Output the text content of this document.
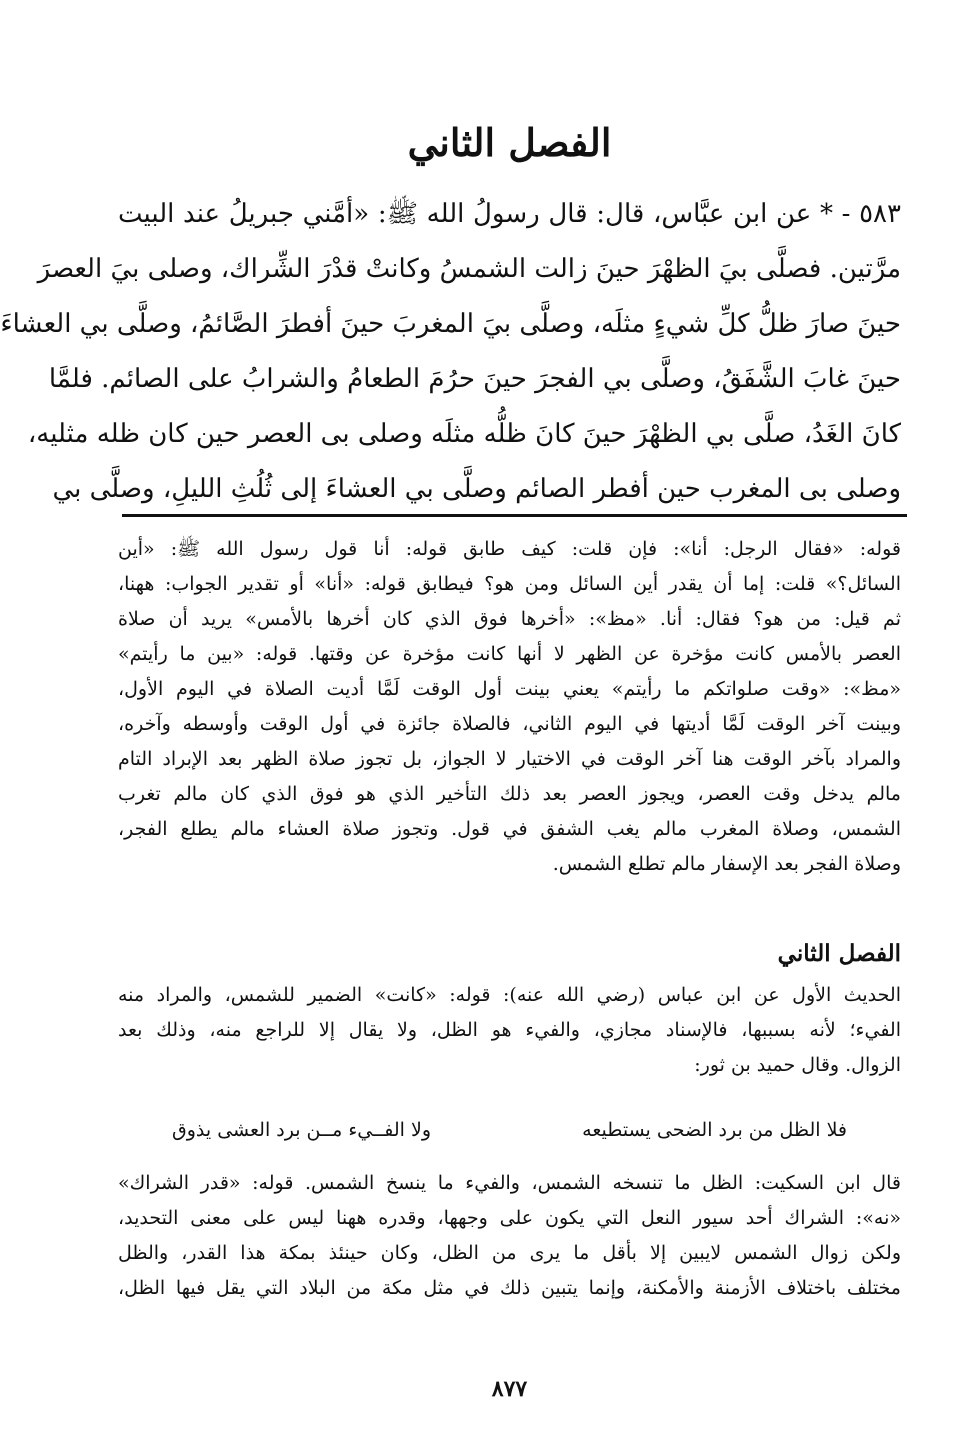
الفصل الثاني
٥٨٣ - * عن ابن عبَّاس، قال: قال رسولُ الله ﷺ: «أمَّني جبريلُ عند البيت
مرَّتين. فصلَّى بيَ الظهْرَ حينَ زالت الشمسُ وكانتْ قدْرَ الشِّراك، وصلى بيَ العصرَ
حينَ صارَ ظلُّ كلِّ شيءٍ مثلَه، وصلَّى بيَ المغربَ حينَ أفطرَ الصَّائمُ، وصلَّى بي العشاءَ
حينَ غابَ الشَّفَقُ، وصلَّى بي الفجرَ حينَ حرُمَ الطعامُ والشرابُ على الصائم. فلمَّا
كانَ الغَدُ، صلَّى بي الظهْرَ حينَ كانَ ظلُّه مثلَه وصلى بى العصر حين كان ظله مثليه،
وصلى بى المغرب حين أفطر الصائم وصلَّى بي العشاءَ إلى ثُلُثِ الليلِ، وصلَّى بي
قوله: «فقال الرجل: أنا»: فإن قلت: كيف طابق قوله: أنا قول رسول الله ﷺ: «أين
السائل؟» قلت: إما أن يقدر أين السائل ومن هو؟ فيطابق قوله: «أنا» أو تقدير الجواب: ههنا،
ثم قيل: من هو؟ فقال: أنا. «مظ»: «أخرها فوق الذي كان أخرها بالأمس» يريد أن صلاة
العصر بالأمس كانت مؤخرة عن الظهر لا أنها كانت مؤخرة عن وقتها. قوله: «بين ما رأيتم»
«مظ»: «وقت صلواتكم ما رأيتم» يعني بينت أول الوقت لَمَّا أديت الصلاة في اليوم الأول،
وبينت آخر الوقت لَمَّا أديتها في اليوم الثاني، فالصلاة جائزة في أول الوقت وأوسطه وآخره،
والمراد بآخر الوقت هنا آخر الوقت في الاختيار لا الجواز، بل تجوز صلاة الظهر بعد الإبراد التام
مالم يدخل وقت العصر، ويجوز العصر بعد ذلك التأخير الذي هو فوق الذي كان مالم تغرب
الشمس، وصلاة المغرب مالم يغب الشفق في قول. وتجوز صلاة العشاء مالم يطلع الفجر،
وصلاة الفجر بعد الإسفار مالم تطلع الشمس.
الفصل الثاني
الحديث الأول عن ابن عباس (رضي الله عنه): قوله: «كانت» الضمير للشمس، والمراد منه
الفيء؛ لأنه بسببها، فالإسناد مجازي، والفيء هو الظل، ولا يقال إلا للراجع منه، وذلك بعد
الزوال. وقال حميد بن ثور:
فلا الظل من برد الضحى يستطيعه
ولا الفــيء مــن برد العشى يذوق
قال ابن السكيت: الظل ما تنسخه الشمس، والفيء ما ينسخ الشمس. قوله: «قدر الشراك»
«نه»: الشراك أحد سيور النعل التي يكون على وجهها، وقدره ههنا ليس على معنى التحديد،
ولكن زوال الشمس لايبين إلا بأقل ما يرى من الظل، وكان حينئذ بمكة هذا القدر، والظل
مختلف باختلاف الأزمنة والأمكنة، وإنما يتبين ذلك في مثل مكة من البلاد التي يقل فيها الظل،
٨٧٧
